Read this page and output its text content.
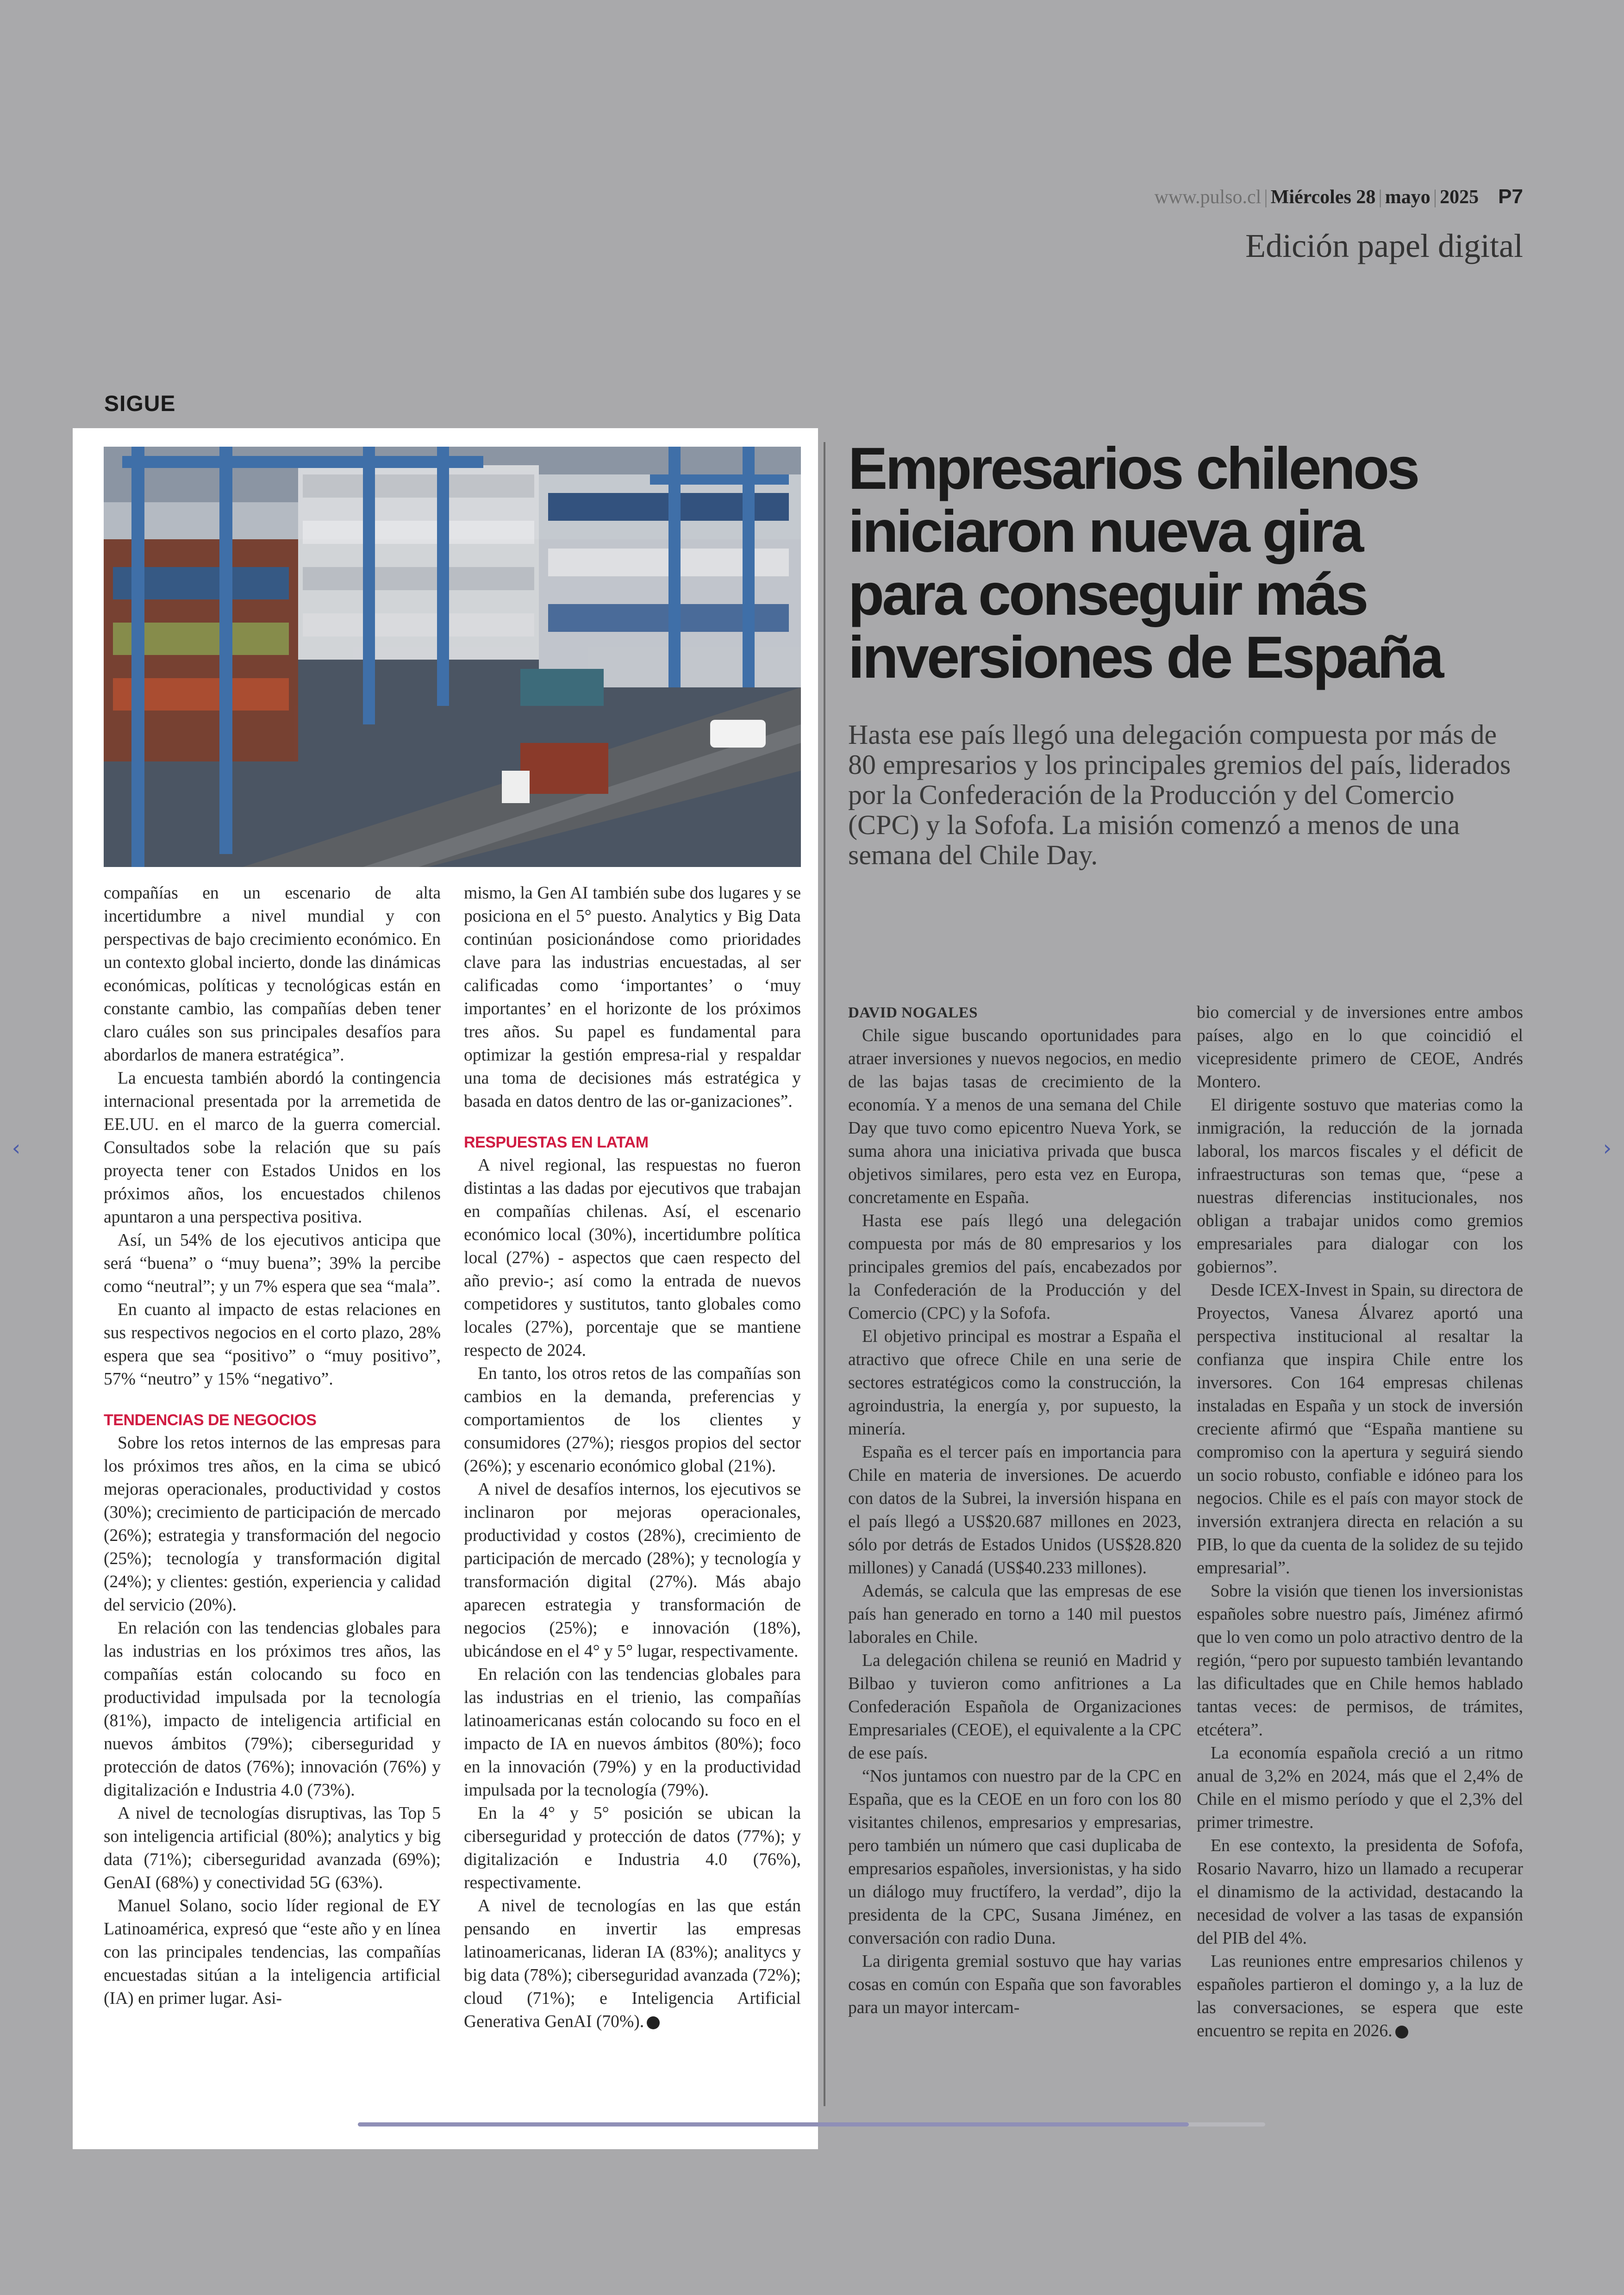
www.pulso.cl | Miércoles 28 | mayo | 2025 P7
Edición papel digital
SIGUE

compañías en un escenario de alta incertidumbre a nivel mundial y con perspectivas de bajo crecimiento económico. En un contexto global incierto, donde las dinámicas económicas, políticas y tecnológicas están en constante cambio, las compañías deben tener claro cuáles son sus principales desafíos para abordarlos de manera estratégica”.

La encuesta también abordó la contingencia internacional presentada por la arremetida de EE.UU. en el marco de la guerra comercial. Consultados sobe la relación que su país proyecta tener con Estados Unidos en los próximos años, los encuestados chilenos apuntaron a una perspectiva positiva.

Así, un 54% de los ejecutivos anticipa que será “buena” o “muy buena”; 39% la percibe como “neutral”; y un 7% espera que sea “mala”.

En cuanto al impacto de estas relaciones en sus respectivos negocios en el corto plazo, 28% espera que sea “positivo” o “muy positivo”, 57% “neutro” y 15% “negativo”.

TENDENCIAS DE NEGOCIOS

Sobre los retos internos de las empresas para los próximos tres años, en la cima se ubicó mejoras operacionales, productividad y costos (30%); crecimiento de participación de mercado (26%); estrategia y transformación del negocio (25%); tecnología y transformación digital (24%); y clientes: gestión, experiencia y calidad del servicio (20%).

En relación con las tendencias globales para las industrias en los próximos tres años, las compañías están colocando su foco en productividad impulsada por la tecnología (81%), impacto de inteligencia artificial en nuevos ámbitos (79%); ciberseguridad y protección de datos (76%); innovación (76%) y digitalización e Industria 4.0 (73%).

A nivel de tecnologías disruptivas, las Top 5 son inteligencia artificial (80%); analytics y big data (71%); ciberseguridad avanzada (69%); GenAI (68%) y conectividad 5G (63%).

Manuel Solano, socio líder regional de EY Latinoamérica, expresó que “este año y en línea con las principales tendencias, las compañías encuestadas sitúan a la inteligencia artificial (IA) en primer lugar. Asi-

mismo, la Gen AI también sube dos lugares y se posiciona en el 5° puesto. Analytics y Big Data continúan posicionándose como prioridades clave para las industrias encuestadas, al ser calificadas como ‘importantes’ o ‘muy importantes’ en el horizonte de los próximos tres años. Su papel es fundamental para optimizar la gestión empresa-rial y respaldar una toma de decisiones más estratégica y basada en datos dentro de las or-ganizaciones”.

RESPUESTAS EN LATAM

A nivel regional, las respuestas no fueron distintas a las dadas por ejecutivos que trabajan en compañías chilenas. Así, el escenario económico local (30%), incertidumbre política local (27%) - aspectos que caen respecto del año previo-; así como la entrada de nuevos competidores y sustitutos, tanto globales como locales (27%), porcentaje que se mantiene respecto de 2024.

En tanto, los otros retos de las compañías son cambios en la demanda, preferencias y comportamientos de los clientes y consumidores (27%); riesgos propios del sector (26%); y escenario económico global (21%).

A nivel de desafíos internos, los ejecutivos se inclinaron por mejoras operacionales, productividad y costos (28%), crecimiento de participación de mercado (28%); y tecnología y transformación digital (27%). Más abajo aparecen estrategia y transformación de negocios (25%); e innovación (18%), ubicándose en el 4° y 5° lugar, respectivamente.

En relación con las tendencias globales para las industrias en el trienio, las compañías latinoamericanas están colocando su foco en el impacto de IA en nuevos ámbitos (80%); foco en la innovación (79%) y en la productividad impulsada por la tecnología (79%).

En la 4° y 5° posición se ubican la ciberseguridad y protección de datos (77%); y digitalización e Industria 4.0 (76%), respectivamente.

A nivel de tecnologías en las que están pensando en invertir las empresas latinoamericanas, lideran IA (83%); analitycs y big data (78%); ciberseguridad avanzada (72%); cloud (71%); e Inteligencia Artificial Generativa GenAI (70%).

Empresarios chilenos
iniciaron nueva gira
para conseguir más
inversiones de España
Hasta ese país llegó una delegación compuesta por más de 80 empresarios y los principales gremios del país, liderados por la Confederación de la Producción y del Comercio (CPC) y la Sofofa. La misión comenzó a menos de una semana del Chile Day.

DAVID NOGALES

Chile sigue buscando oportunidades para atraer inversiones y nuevos negocios, en medio de las bajas tasas de crecimiento de la economía. Y a menos de una semana del Chile Day que tuvo como epicentro Nueva York, se suma ahora una iniciativa privada que busca objetivos similares, pero esta vez en Europa, concretamente en España.

Hasta ese país llegó una delegación compuesta por más de 80 empresarios y los principales gremios del país, encabezados por la Confederación de la Producción y del Comercio (CPC) y la Sofofa.

El objetivo principal es mostrar a España el atractivo que ofrece Chile en una serie de sectores estratégicos como la construcción, la agroindustria, la energía y, por supuesto, la minería.

España es el tercer país en importancia para Chile en materia de inversiones. De acuerdo con datos de la Subrei, la inversión hispana en el país llegó a US$20.687 millones en 2023, sólo por detrás de Estados Unidos (US$28.820 millones) y Canadá (US$40.233 millones).

Además, se calcula que las empresas de ese país han generado en torno a 140 mil puestos laborales en Chile.

La delegación chilena se reunió en Madrid y Bilbao y tuvieron como anfitriones a La Confederación Española de Organizaciones Empresariales (CEOE), el equivalente a la CPC de ese país.

“Nos juntamos con nuestro par de la CPC en España, que es la CEOE en un foro con los 80 visitantes chilenos, empresarios y empresarias, pero también un número que casi duplicaba de empresarios españoles, inversionistas, y ha sido un diálogo muy fructífero, la verdad”, dijo la presidenta de la CPC, Susana Jiménez, en conversación con radio Duna.

La dirigenta gremial sostuvo que hay varias cosas en común con España que son favorables para un mayor intercam-

bio comercial y de inversiones entre ambos países, algo en lo que coincidió el vicepresidente primero de CEOE, Andrés Montero.

El dirigente sostuvo que materias como la inmigración, la reducción de la jornada laboral, los marcos fiscales y el déficit de infraestructuras son temas que, “pese a nuestras diferencias institucionales, nos obligan a trabajar unidos como gremios empresariales para dialogar con los gobiernos”.

Desde ICEX-Invest in Spain, su directora de Proyectos, Vanesa Álvarez aportó una perspectiva institucional al resaltar la confianza que inspira Chile entre los inversores. Con 164 empresas chilenas instaladas en España y un stock de inversión creciente afirmó que “España mantiene su compromiso con la apertura y seguirá siendo un socio robusto, confiable e idóneo para los negocios. Chile es el país con mayor stock de inversión extranjera directa en relación a su PIB, lo que da cuenta de la solidez de su tejido empresarial”.

Sobre la visión que tienen los inversionistas españoles sobre nuestro país, Jiménez afirmó que lo ven como un polo atractivo dentro de la región, “pero por supuesto también levantando las dificultades que en Chile hemos hablado tantas veces: de permisos, de trámites, etcétera”.

La economía española creció a un ritmo anual de 3,2% en 2024, más que el 2,4% de Chile en el mismo período y que el 2,3% del primer trimestre.

En ese contexto, la presidenta de Sofofa, Rosario Navarro, hizo un llamado a recuperar el dinamismo de la actividad, destacando la necesidad de volver a las tasas de expansión del PIB del 4%.

Las reuniones entre empresarios chilenos y españoles partieron el domingo y, a la luz de las conversaciones, se espera que este encuentro se repita en 2026.

‹	›
